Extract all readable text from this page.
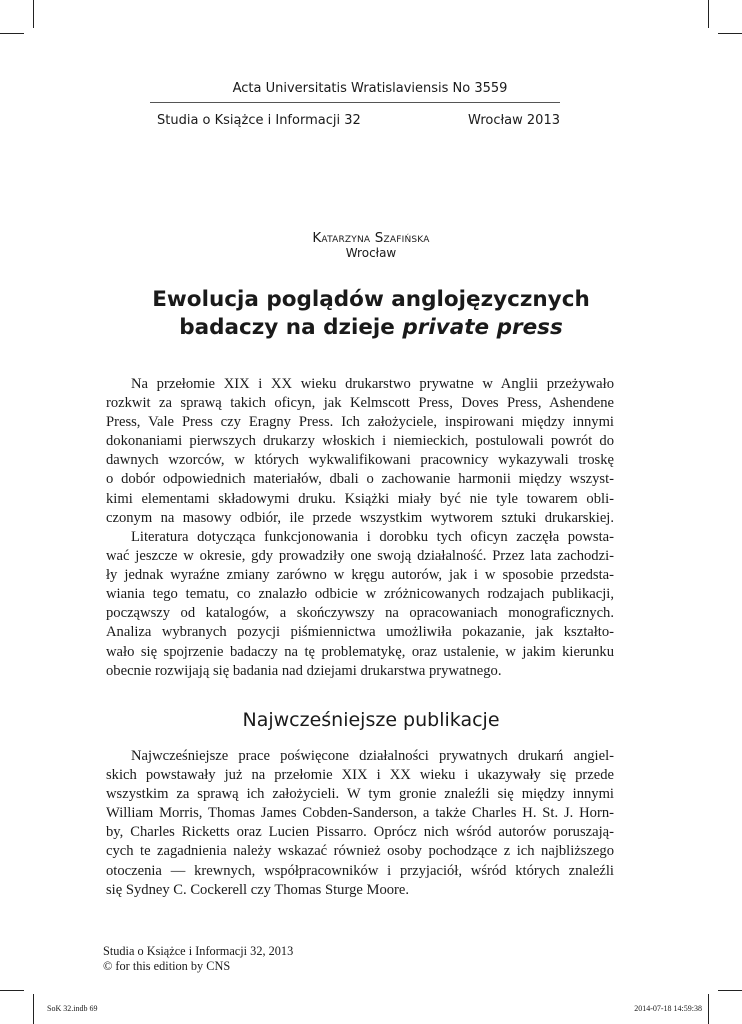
Acta Universitatis Wratislaviensis No 3559
Studia o Książce i Informacji 32	Wrocław 2013
Katarzyna Szafińska
Wrocław
Ewolucja poglądów anglojęzycznych
badaczy na dzieje private press
Na przełomie XIX i XX wieku drukarstwo prywatne w Anglii przeżywało
rozkwit za sprawą takich oficyn, jak Kelmscott Press, Doves Press, Ashendene
Press, Vale Press czy Eragny Press. Ich założyciele, inspirowani między innymi
dokonaniami pierwszych drukarzy włoskich i niemieckich, postulowali powrót do
dawnych wzorców, w których wykwalifikowani pracownicy wykazywali troskę
o dobór odpowiednich materiałów, dbali o zachowanie harmonii między wszyst-
kimi elementami składowymi druku. Książki miały być nie tyle towarem obli-
czonym na masowy odbiór, ile przede wszystkim wytworem sztuki drukarskiej.
Literatura dotycząca funkcjonowania i dorobku tych oficyn zaczęła powsta-
wać jeszcze w okresie, gdy prowadziły one swoją działalność. Przez lata zachodzi-
ły jednak wyraźne zmiany zarówno w kręgu autorów, jak i w sposobie przedsta-
wiania tego tematu, co znalazło odbicie w zróżnicowanych rodzajach publikacji,
począwszy od katalogów, a skończywszy na opracowaniach monograficznych.
Analiza wybranych pozycji piśmiennictwa umożliwiła pokazanie, jak kształto-
wało się spojrzenie badaczy na tę problematykę, oraz ustalenie, w jakim kierunku
obecnie rozwijają się badania nad dziejami drukarstwa prywatnego.
Najwcześniejsze publikacje
Najwcześniejsze prace poświęcone działalności prywatnych drukarń angiel-
skich powstawały już na przełomie XIX i XX wieku i ukazywały się przede
wszystkim za sprawą ich założycieli. W tym gronie znaleźli się między innymi
William Morris, Thomas James Cobden-Sanderson, a także Charles H. St. J. Horn-
by, Charles Ricketts oraz Lucien Pissarro. Oprócz nich wśród autorów poruszają-
cych te zagadnienia należy wskazać również osoby pochodzące z ich najbliższego
otoczenia — krewnych, współpracowników i przyjaciół, wśród których znaleźli
się Sydney C. Cockerell czy Thomas Sturge Moore.
Studia o Książce i Informacji 32, 2013
© for this edition by CNS
SoK 32.indb 69	2014-07-18 14:59:38
